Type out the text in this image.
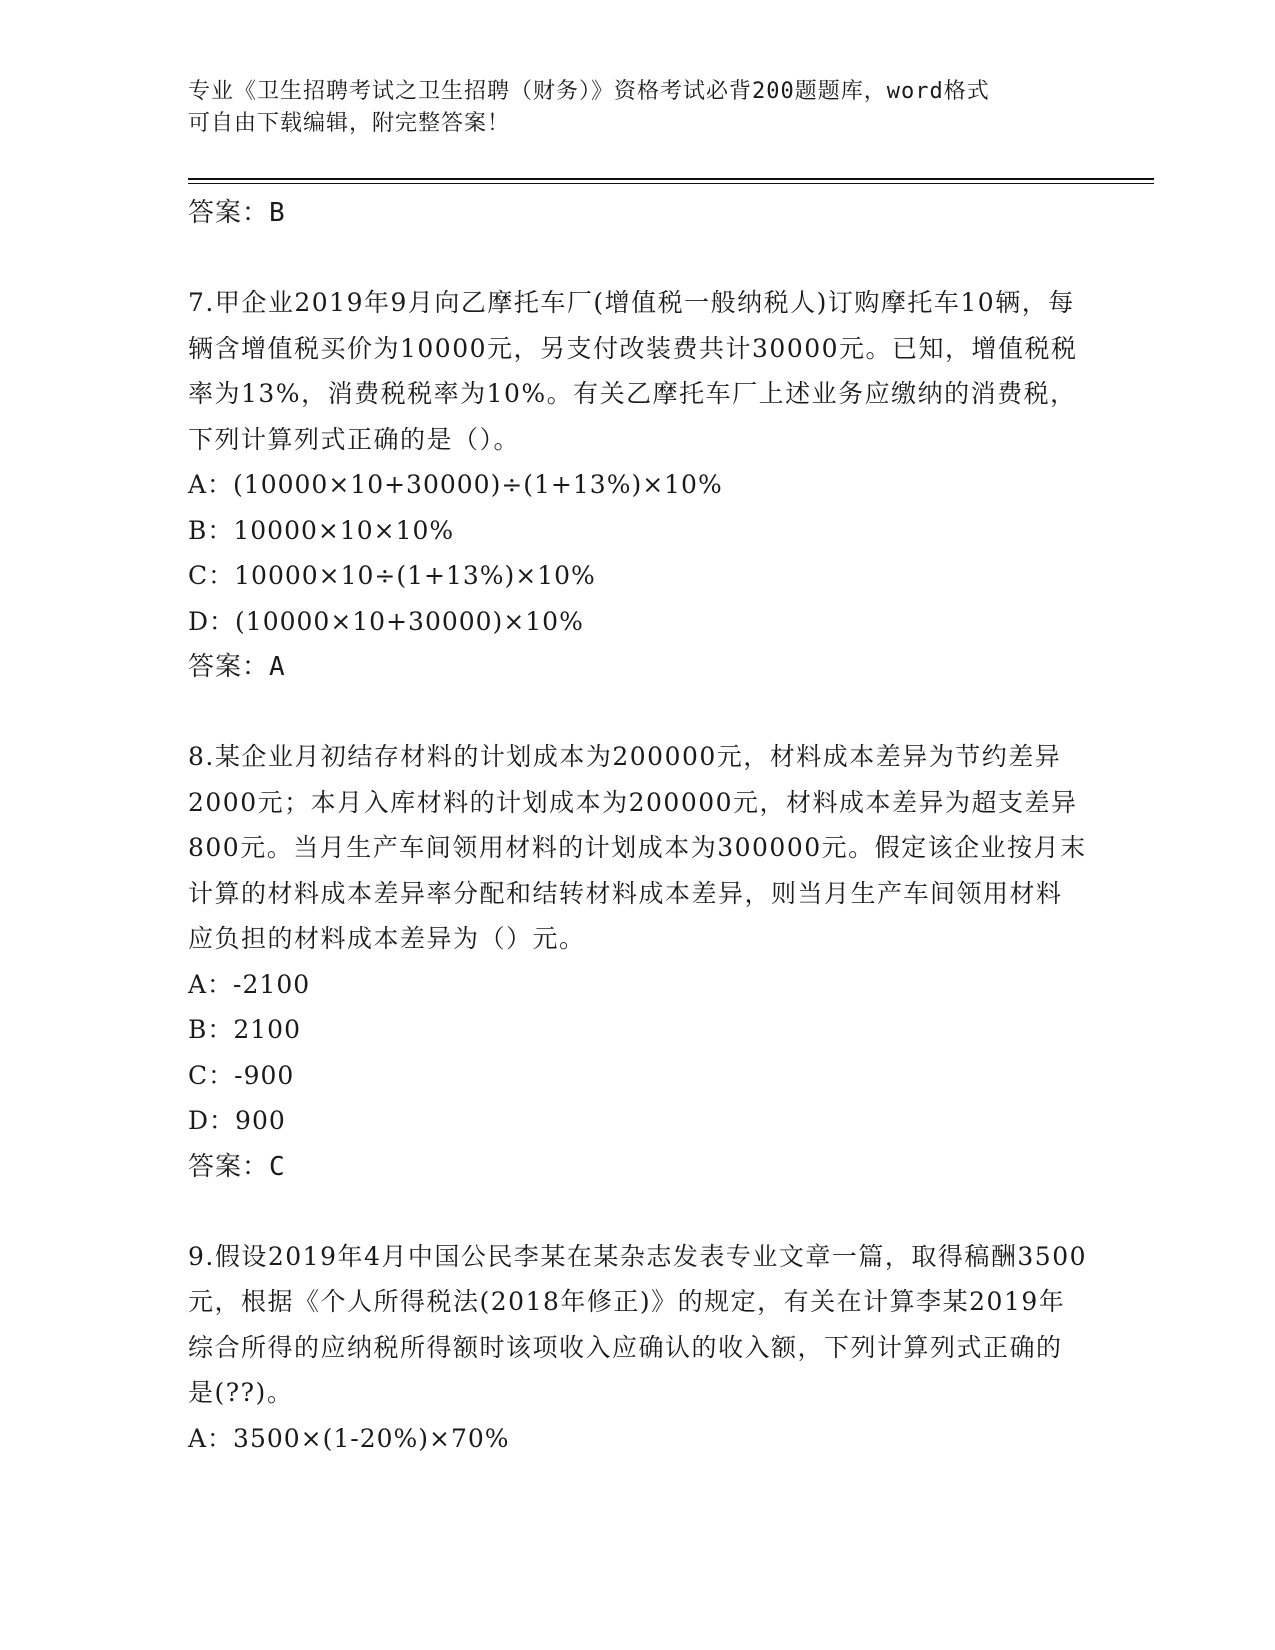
专业《卫生招聘考试之卫生招聘（财务）》资格考试必背200题题库，word格式
可自由下载编辑，附完整答案！
答案：B
7.甲企业2019年9月向乙摩托车厂(增值税一般纳税人)订购摩托车10辆，每辆含增值税买价为10000元，另支付改装费共计30000元。已知，增值税税率为13%，消费税税率为10%。有关乙摩托车厂上述业务应缴纳的消费税，下列计算列式正确的是（）。
A：(10000×10+30000)÷(1+13%)×10%
B：10000×10×10%
C：10000×10÷(1+13%)×10%
D：(10000×10+30000)×10%
答案：A
8.某企业月初结存材料的计划成本为200000元，材料成本差异为节约差异2000元；本月入库材料的计划成本为200000元，材料成本差异为超支差异800元。当月生产车间领用材料的计划成本为300000元。假定该企业按月末计算的材料成本差异率分配和结转材料成本差异，则当月生产车间领用材料应负担的材料成本差异为（）元。
A：-2100
B：2100
C：-900
D：900
答案：C
9.假设2019年4月中国公民李某在某杂志发表专业文章一篇，取得稿酬3500元，根据《个人所得税法(2018年修正)》的规定，有关在计算李某2019年综合所得的应纳税所得额时该项收入应确认的收入额，下列计算列式正确的是(??)。
A：3500×(1-20%)×70%
